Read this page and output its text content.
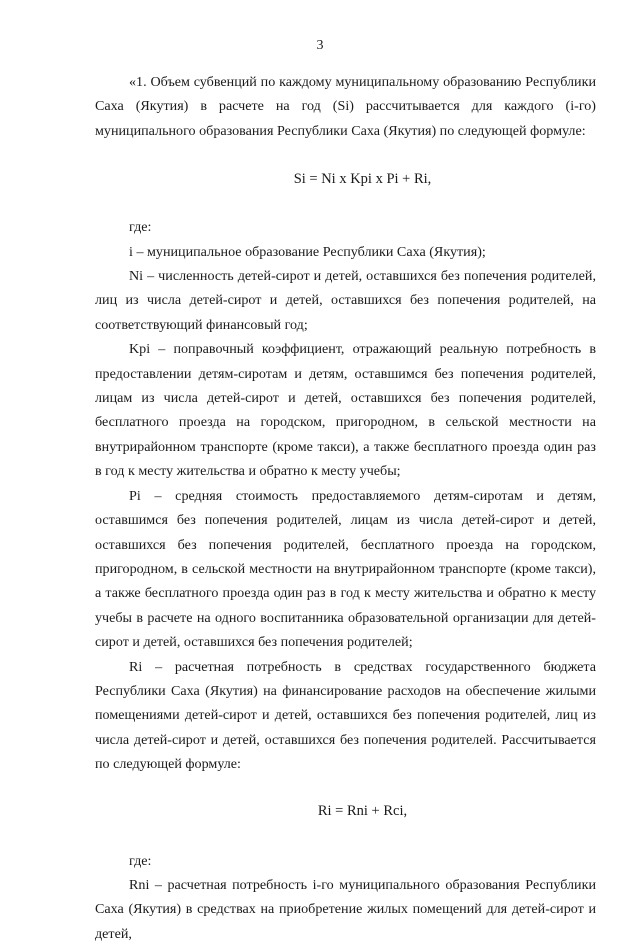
3

«1. Объем субвенций по каждому муниципальному образованию Республики Саха (Якутия) в расчете на год (Si) рассчитывается для каждого (i-го) муниципального образования Республики Саха (Якутия) по следующей формуле:

Si = Ni x Kpi x Pi + Ri,

где:

i – муниципальное образование Республики Саха (Якутия);

Ni – численность детей-сирот и детей, оставшихся без попечения родителей, лиц из числа детей-сирот и детей, оставшихся без попечения родителей, на соответствующий финансовый год;

Kpi – поправочный коэффициент, отражающий реальную потребность в предоставлении детям-сиротам и детям, оставшимся без попечения родителей, лицам из числа детей-сирот и детей, оставшихся без попечения родителей, бесплатного проезда на городском, пригородном, в сельской местности на внутрирайонном транспорте (кроме такси), а также бесплатного проезда один раз в год к месту жительства и обратно к месту учебы;

Pi – средняя стоимость предоставляемого детям-сиротам и детям, оставшимся без попечения родителей, лицам из числа детей-сирот и детей, оставшихся без попечения родителей, бесплатного проезда на городском, пригородном, в сельской местности на внутрирайонном транспорте (кроме такси), а также бесплатного проезда один раз в год к месту жительства и обратно к месту учебы в расчете на одного воспитанника образовательной организации для детей-сирот и детей, оставшихся без попечения родителей;

Ri – расчетная потребность в средствах государственного бюджета Республики Саха (Якутия) на финансирование расходов на обеспечение жилыми помещениями детей-сирот и детей, оставшихся без попечения родителей, лиц из числа детей-сирот и детей, оставшихся без попечения родителей. Рассчитывается по следующей формуле:

Ri = Rni + Rci,

где:

Rni – расчетная потребность i-го муниципального образования Республики Саха (Якутия) в средствах на приобретение жилых помещений для детей-сирот и детей,
